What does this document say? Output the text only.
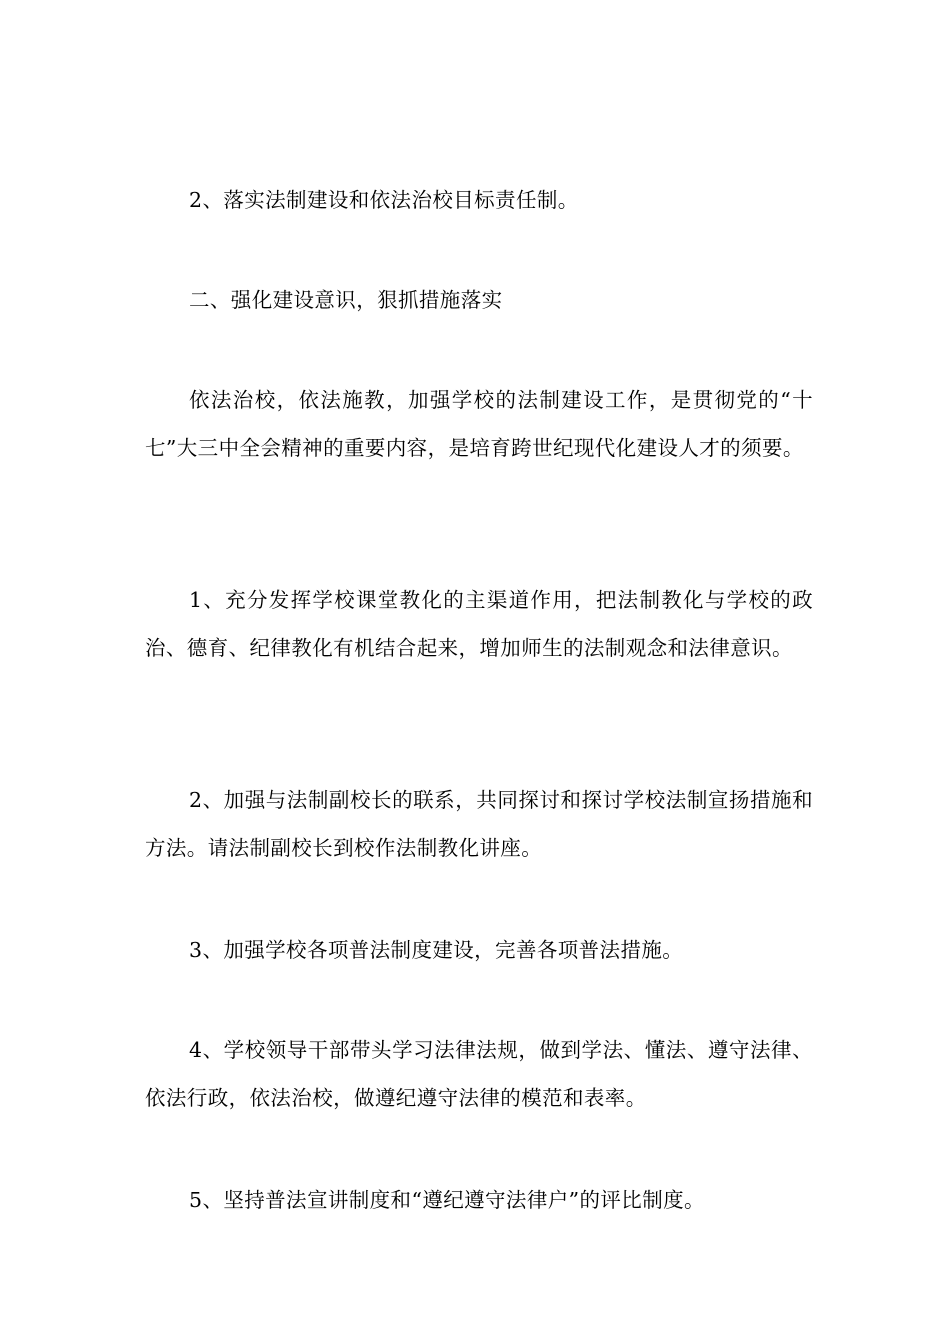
2、落实法制建设和依法治校目标责任制。

二、强化建设意识，狠抓措施落实

依法治校，依法施教，加强学校的法制建设工作，是贯彻党的“十七”大三中全会精神的重要内容，是培育跨世纪现代化建设人才的须要。

1、充分发挥学校课堂教化的主渠道作用，把法制教化与学校的政治、德育、纪律教化有机结合起来，增加师生的法制观念和法律意识。

2、加强与法制副校长的联系，共同探讨和探讨学校法制宣扬措施和方法。请法制副校长到校作法制教化讲座。

3、加强学校各项普法制度建设，完善各项普法措施。

4、学校领导干部带头学习法律法规，做到学法、懂法、遵守法律、依法行政，依法治校，做遵纪遵守法律的模范和表率。

5、坚持普法宣讲制度和“遵纪遵守法律户”的评比制度。
